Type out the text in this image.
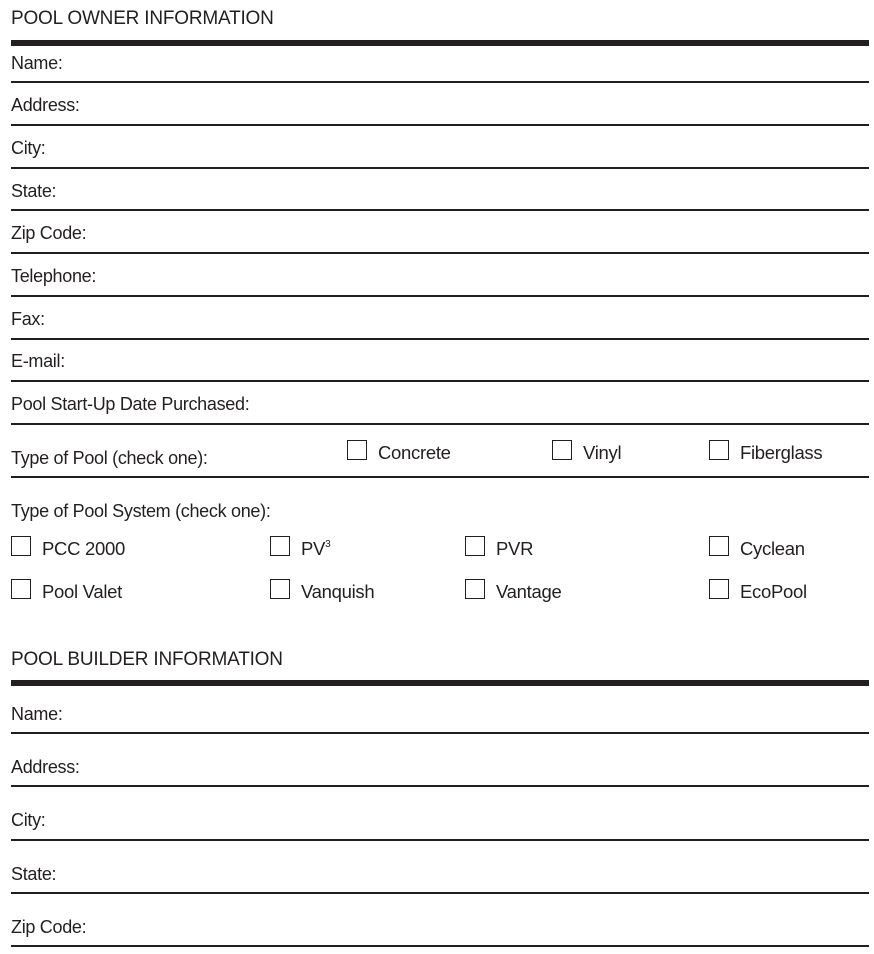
POOL OWNER INFORMATION
Name:
Address:
City:
State:
Zip Code:
Telephone:
Fax:
E-mail:
Pool Start-Up Date Purchased:
Type of Pool (check one):	Concrete	Vinyl	Fiberglass
Type of Pool System (check one):
PCC 2000	$PV^3$	PVR	Cyclean
Pool Valet	Vanquish	Vantage	EcoPool
POOL BUILDER INFORMATION
Name:
Address:
City:
State:
Zip Code:
